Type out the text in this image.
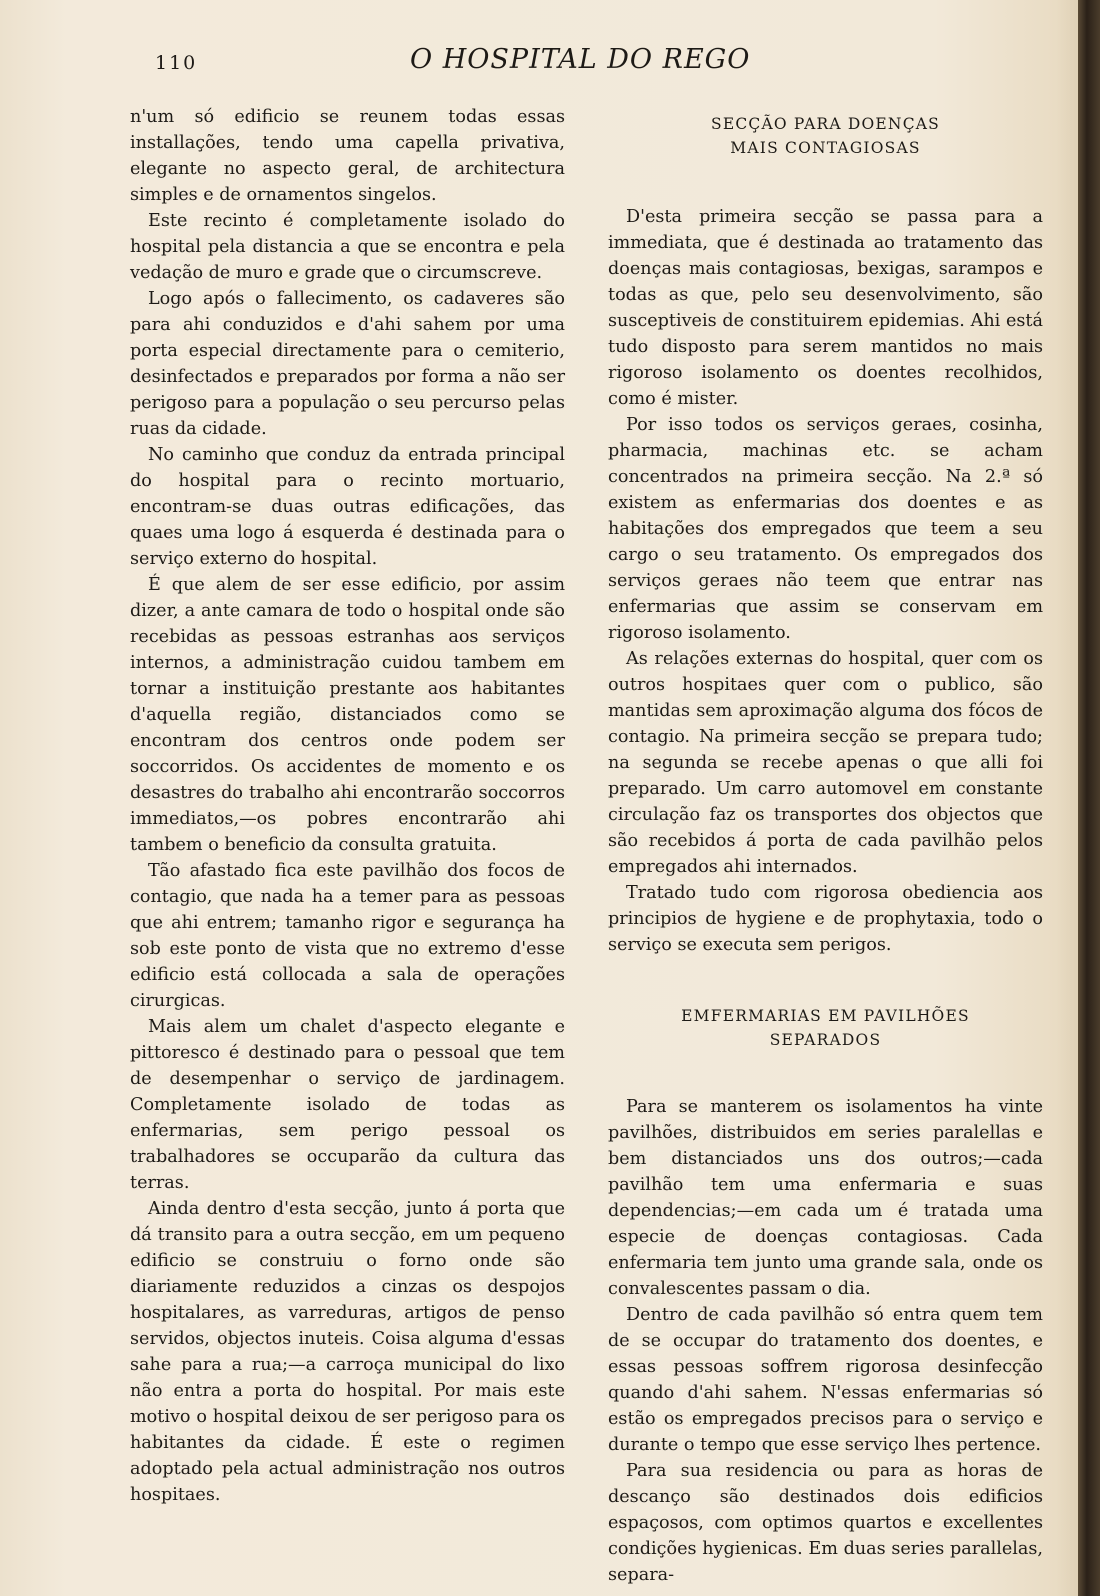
110	O HOSPITAL DO REGO

n'um só edificio se reunem todas essas installações, tendo uma capella privativa, elegante no aspecto geral, de architectura simples e de ornamentos singelos.

Este recinto é completamente isolado do hospital pela distancia a que se encontra e pela vedação de muro e grade que o circumscreve.

Logo após o fallecimento, os cadaveres são para ahi conduzidos e d'ahi sahem por uma porta especial directamente para o cemiterio, desinfectados e preparados por forma a não ser perigoso para a população o seu percurso pelas ruas da cidade.

No caminho que conduz da entrada principal do hospital para o recinto mortuario, encontram-se duas outras edificações, das quaes uma logo á esquerda é destinada para o serviço externo do hospital.

É que alem de ser esse edificio, por assim dizer, a ante camara de todo o hospital onde são recebidas as pessoas estranhas aos serviços internos, a administração cuidou tambem em tornar a instituição prestante aos habitantes d'aquella região, distanciados como se encontram dos centros onde podem ser soccorridos. Os accidentes de momento e os desastres do trabalho ahi encontrarão soccorros immediatos,—os pobres encontrarão ahi tambem o beneficio da consulta gratuita.

Tão afastado fica este pavilhão dos focos de contagio, que nada ha a temer para as pessoas que ahi entrem; tamanho rigor e segurança ha sob este ponto de vista que no extremo d'esse edificio está collocada a sala de operações cirurgicas.

Mais alem um chalet d'aspecto elegante e pittoresco é destinado para o pessoal que tem de desempenhar o serviço de jardinagem. Completamente isolado de todas as enfermarias, sem perigo pessoal os trabalhadores se occuparão da cultura das terras.

Ainda dentro d'esta secção, junto á porta que dá transito para a outra secção, em um pequeno edificio se construiu o forno onde são diariamente reduzidos a cinzas os despojos hospitalares, as varreduras, artigos de penso servidos, objectos inuteis. Coisa alguma d'essas sahe para a rua;—a carroça municipal do lixo não entra a porta do hospital. Por mais este motivo o hospital deixou de ser perigoso para os habitantes da cidade. É este o regimen adoptado pela actual administração nos outros hospitaes.

SECÇÃO PARA DOENÇAS

MAIS CONTAGIOSAS

D'esta primeira secção se passa para a immediata, que é destinada ao tratamento das doenças mais contagiosas, bexigas, sarampos e todas as que, pelo seu desenvolvimento, são susceptiveis de constituirem epidemias. Ahi está tudo disposto para serem mantidos no mais rigoroso isolamento os doentes recolhidos, como é mister.

Por isso todos os serviços geraes, cosinha, pharmacia, machinas etc. se acham concentrados na primeira secção. Na 2.ª só existem as enfermarias dos doentes e as habitações dos empregados que teem a seu cargo o seu tratamento. Os empregados dos serviços geraes não teem que entrar nas enfermarias que assim se conservam em rigoroso isolamento.

As relações externas do hospital, quer com os outros hospitaes quer com o publico, são mantidas sem aproximação alguma dos fócos de contagio. Na primeira secção se prepara tudo; na segunda se recebe apenas o que alli foi preparado. Um carro automovel em constante circulação faz os transportes dos objectos que são recebidos á porta de cada pavilhão pelos empregados ahi internados.

Tratado tudo com rigorosa obediencia aos principios de hygiene e de prophytaxia, todo o serviço se executa sem perigos.

EMFERMARIAS EM PAVILHÕES

SEPARADOS

Para se manterem os isolamentos ha vinte pavilhões, distribuidos em series paralellas e bem distanciados uns dos outros;—cada pavilhão tem uma enfermaria e suas dependencias;—em cada um é tratada uma especie de doenças contagiosas. Cada enfermaria tem junto uma grande sala, onde os convalescentes passam o dia.

Dentro de cada pavilhão só entra quem tem de se occupar do tratamento dos doentes, e essas pessoas soffrem rigorosa desinfecção quando d'ahi sahem. N'essas enfermarias só estão os empregados precisos para o serviço e durante o tempo que esse serviço lhes pertence.

Para sua residencia ou para as horas de descanço são destinados dois edificios espaçosos, com optimos quartos e excellentes condições hygienicas. Em duas series parallelas, separa-
